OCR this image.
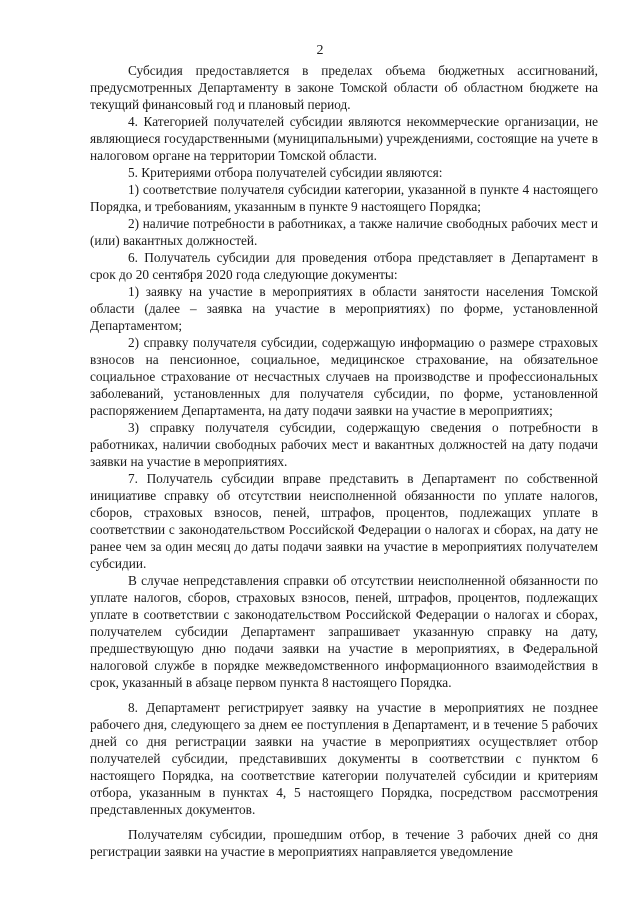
2

Субсидия предоставляется в пределах объема бюджетных ассигнований, предусмотренных Департаменту в законе Томской области об областном бюджете на текущий финансовый год и плановый период.

4. Категорией получателей субсидии являются некоммерческие организации, не являющиеся государственными (муниципальными) учреждениями, состоящие на учете в налоговом органе на территории Томской области.

5. Критериями отбора получателей субсидии являются:

1) соответствие получателя субсидии категории, указанной в пункте 4 настоящего Порядка, и требованиям, указанным в пункте 9 настоящего Порядка;

2) наличие потребности в работниках, а также наличие свободных рабочих мест и (или) вакантных должностей.

6. Получатель субсидии для проведения отбора представляет в Департамент в срок до 20 сентября 2020 года следующие документы:

1) заявку на участие в мероприятиях в области занятости населения Томской области (далее – заявка на участие в мероприятиях) по форме, установленной Департаментом;

2) справку получателя субсидии, содержащую информацию о размере страховых взносов на пенсионное, социальное, медицинское страхование, на обязательное социальное страхование от несчастных случаев на производстве и профессиональных заболеваний, установленных для получателя субсидии, по форме, установленной распоряжением Департамента, на дату подачи заявки на участие в мероприятиях;

3) справку получателя субсидии, содержащую сведения о потребности в работниках, наличии свободных рабочих мест и вакантных должностей на дату подачи заявки на участие в мероприятиях.

7. Получатель субсидии вправе представить в Департамент по собственной инициативе справку об отсутствии неисполненной обязанности по уплате налогов, сборов, страховых взносов, пеней, штрафов, процентов, подлежащих уплате в соответствии с законодательством Российской Федерации о налогах и сборах, на дату не ранее чем за один месяц до даты подачи заявки на участие в мероприятиях получателем субсидии.

В случае непредставления справки об отсутствии неисполненной обязанности по уплате налогов, сборов, страховых взносов, пеней, штрафов, процентов, подлежащих уплате в соответствии с законодательством Российской Федерации о налогах и сборах, получателем субсидии Департамент запрашивает указанную справку на дату, предшествующую дню подачи заявки на участие в мероприятиях, в Федеральной налоговой службе в порядке межведомственного информационного взаимодействия в срок, указанный в абзаце первом пункта 8 настоящего Порядка.

8. Департамент регистрирует заявку на участие в мероприятиях не позднее рабочего дня, следующего за днем ее поступления в Департамент, и в течение 5 рабочих дней со дня регистрации заявки на участие в мероприятиях осуществляет отбор получателей субсидии, представивших документы в соответствии с пунктом 6 настоящего Порядка, на соответствие категории получателей субсидии и критериям отбора, указанным в пунктах 4, 5 настоящего Порядка, посредством рассмотрения представленных документов.

Получателям субсидии, прошедшим отбор, в течение 3 рабочих дней со дня регистрации заявки на участие в мероприятиях направляется уведомление
